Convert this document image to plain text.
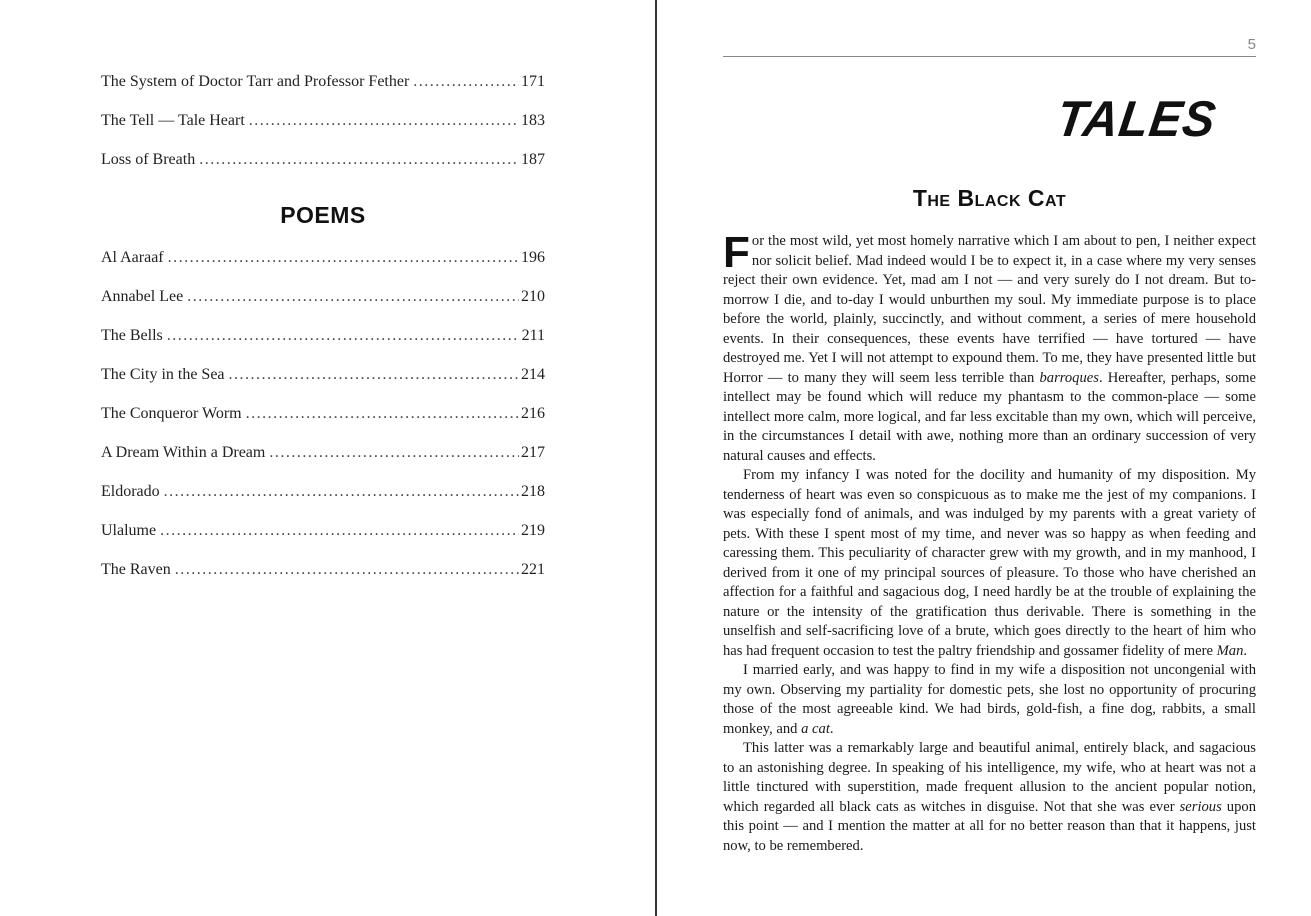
The System of Doctor Tarr and Professor Fether .....	171
The Tell — Tale Heart .....	183
Loss of Breath .....	187
POEMS
Al Aaraaf .....	196
Annabel Lee .....	210
The Bells .....	211
The City in the Sea .....	214
The Conqueror Worm .....	216
A Dream Within a Dream .....	217
Eldorado .....	218
Ulalume .....	219
The Raven .....	221
5
TALES
The Black Cat

For the most wild, yet most homely narrative which I am about to pen, I neither expect nor solicit belief. Mad indeed would I be to expect it, in a case where my very senses reject their own evidence. Yet, mad am I not — and very surely do I not dream. But to-morrow I die, and to-day I would unburthen my soul. My immediate purpose is to place before the world, plainly, succinctly, and without comment, a series of mere household events. In their consequences, these events have terrified — have tortured — have destroyed me. Yet I will not attempt to expound them. To me, they have presented little but Horror — to many they will seem less terrible than barroques. Hereafter, perhaps, some intellect may be found which will reduce my phantasm to the common-place — some intellect more calm, more logical, and far less excitable than my own, which will perceive, in the circumstances I detail with awe, nothing more than an ordinary succession of very natural causes and effects.

From my infancy I was noted for the docility and humanity of my disposition. My tenderness of heart was even so conspicuous as to make me the jest of my companions. I was especially fond of animals, and was indulged by my parents with a great variety of pets. With these I spent most of my time, and never was so happy as when feeding and caressing them. This peculiarity of character grew with my growth, and in my manhood, I derived from it one of my principal sources of pleasure. To those who have cherished an affection for a faithful and sagacious dog, I need hardly be at the trouble of explaining the nature or the intensity of the gratification thus derivable. There is something in the unselfish and self-sacrificing love of a brute, which goes directly to the heart of him who has had frequent occasion to test the paltry friendship and gossamer fidelity of mere Man.

I married early, and was happy to find in my wife a disposition not uncongenial with my own. Observing my partiality for domestic pets, she lost no opportunity of procuring those of the most agreeable kind. We had birds, gold-fish, a fine dog, rabbits, a small monkey, and a cat.

This latter was a remarkably large and beautiful animal, entirely black, and sagacious to an astonishing degree. In speaking of his intelligence, my wife, who at heart was not a little tinctured with superstition, made frequent allusion to the ancient popular notion, which regarded all black cats as witches in disguise. Not that she was ever serious upon this point — and I mention the matter at all for no better reason than that it happens, just now, to be remembered.
